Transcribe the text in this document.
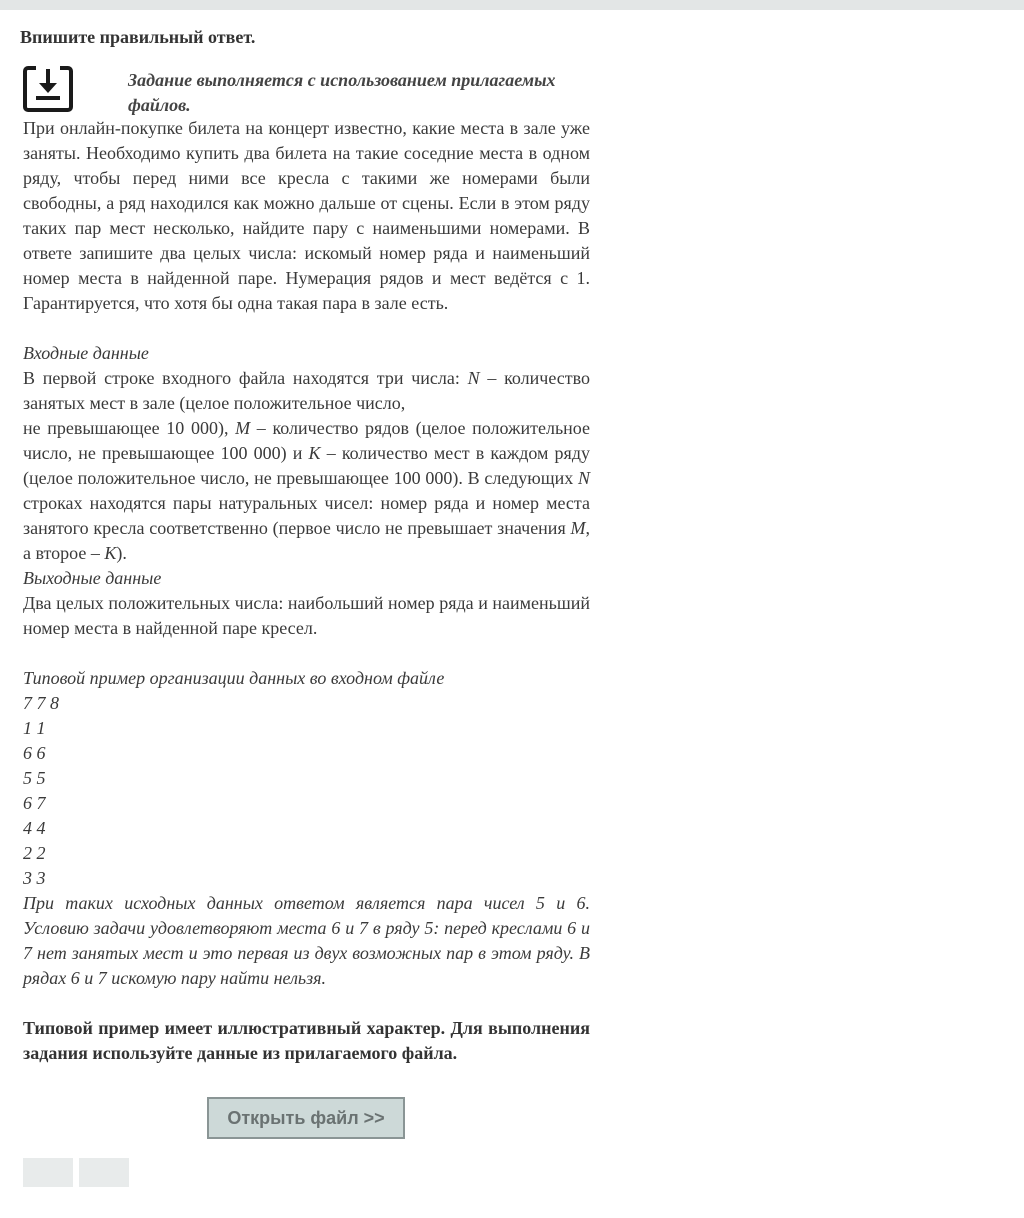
Впишите правильный ответ.
Задание выполняется с использованием прилагаемых файлов.

При онлайн-покупке билета на концерт известно, какие места в зале уже заняты. Необходимо купить два билета на такие соседние места в одном ряду, чтобы перед ними все кресла с такими же номерами были свободны, а ряд находился как можно дальше от сцены. Если в этом ряду таких пар мест несколько, найдите пару с наименьшими номерами. В ответе запишите два целых числа: искомый номер ряда и наименьший номер места в найденной паре. Нумерация рядов и мест ведётся с 1. Гарантируется, что хотя бы одна такая пара в зале есть.

Входные данные

В первой строке входного файла находятся три числа: N – количество занятых мест в зале (целое положительное число,
не превышающее 10 000), M – количество рядов (целое положительное число, не превышающее 100 000) и K – количество мест в каждом ряду (целое положительное число, не превышающее 100 000). В следующих N строках находятся пары натуральных чисел: номер ряда и номер места занятого кресла соответственно (первое число не превышает значения M, а второе – K).

Выходные данные

Два целых положительных числа: наибольший номер ряда и наименьший номер места в найденной паре кресел.

Типовой пример организации данных во входном файле

7 7 8

1 1

6 6

5 5

6 7

4 4

2 2

3 3

При таких исходных данных ответом является пара чисел 5 и 6. Условию задачи удовлетворяют места 6 и 7 в ряду 5: перед креслами 6 и 7 нет занятых мест и это первая из двух возможных пар в этом ряду. В рядах 6 и 7 искомую пару найти нельзя.

Типовой пример имеет иллюстративный характер. Для выполнения задания используйте данные из прилагаемого файла.

Открыть файл >>
